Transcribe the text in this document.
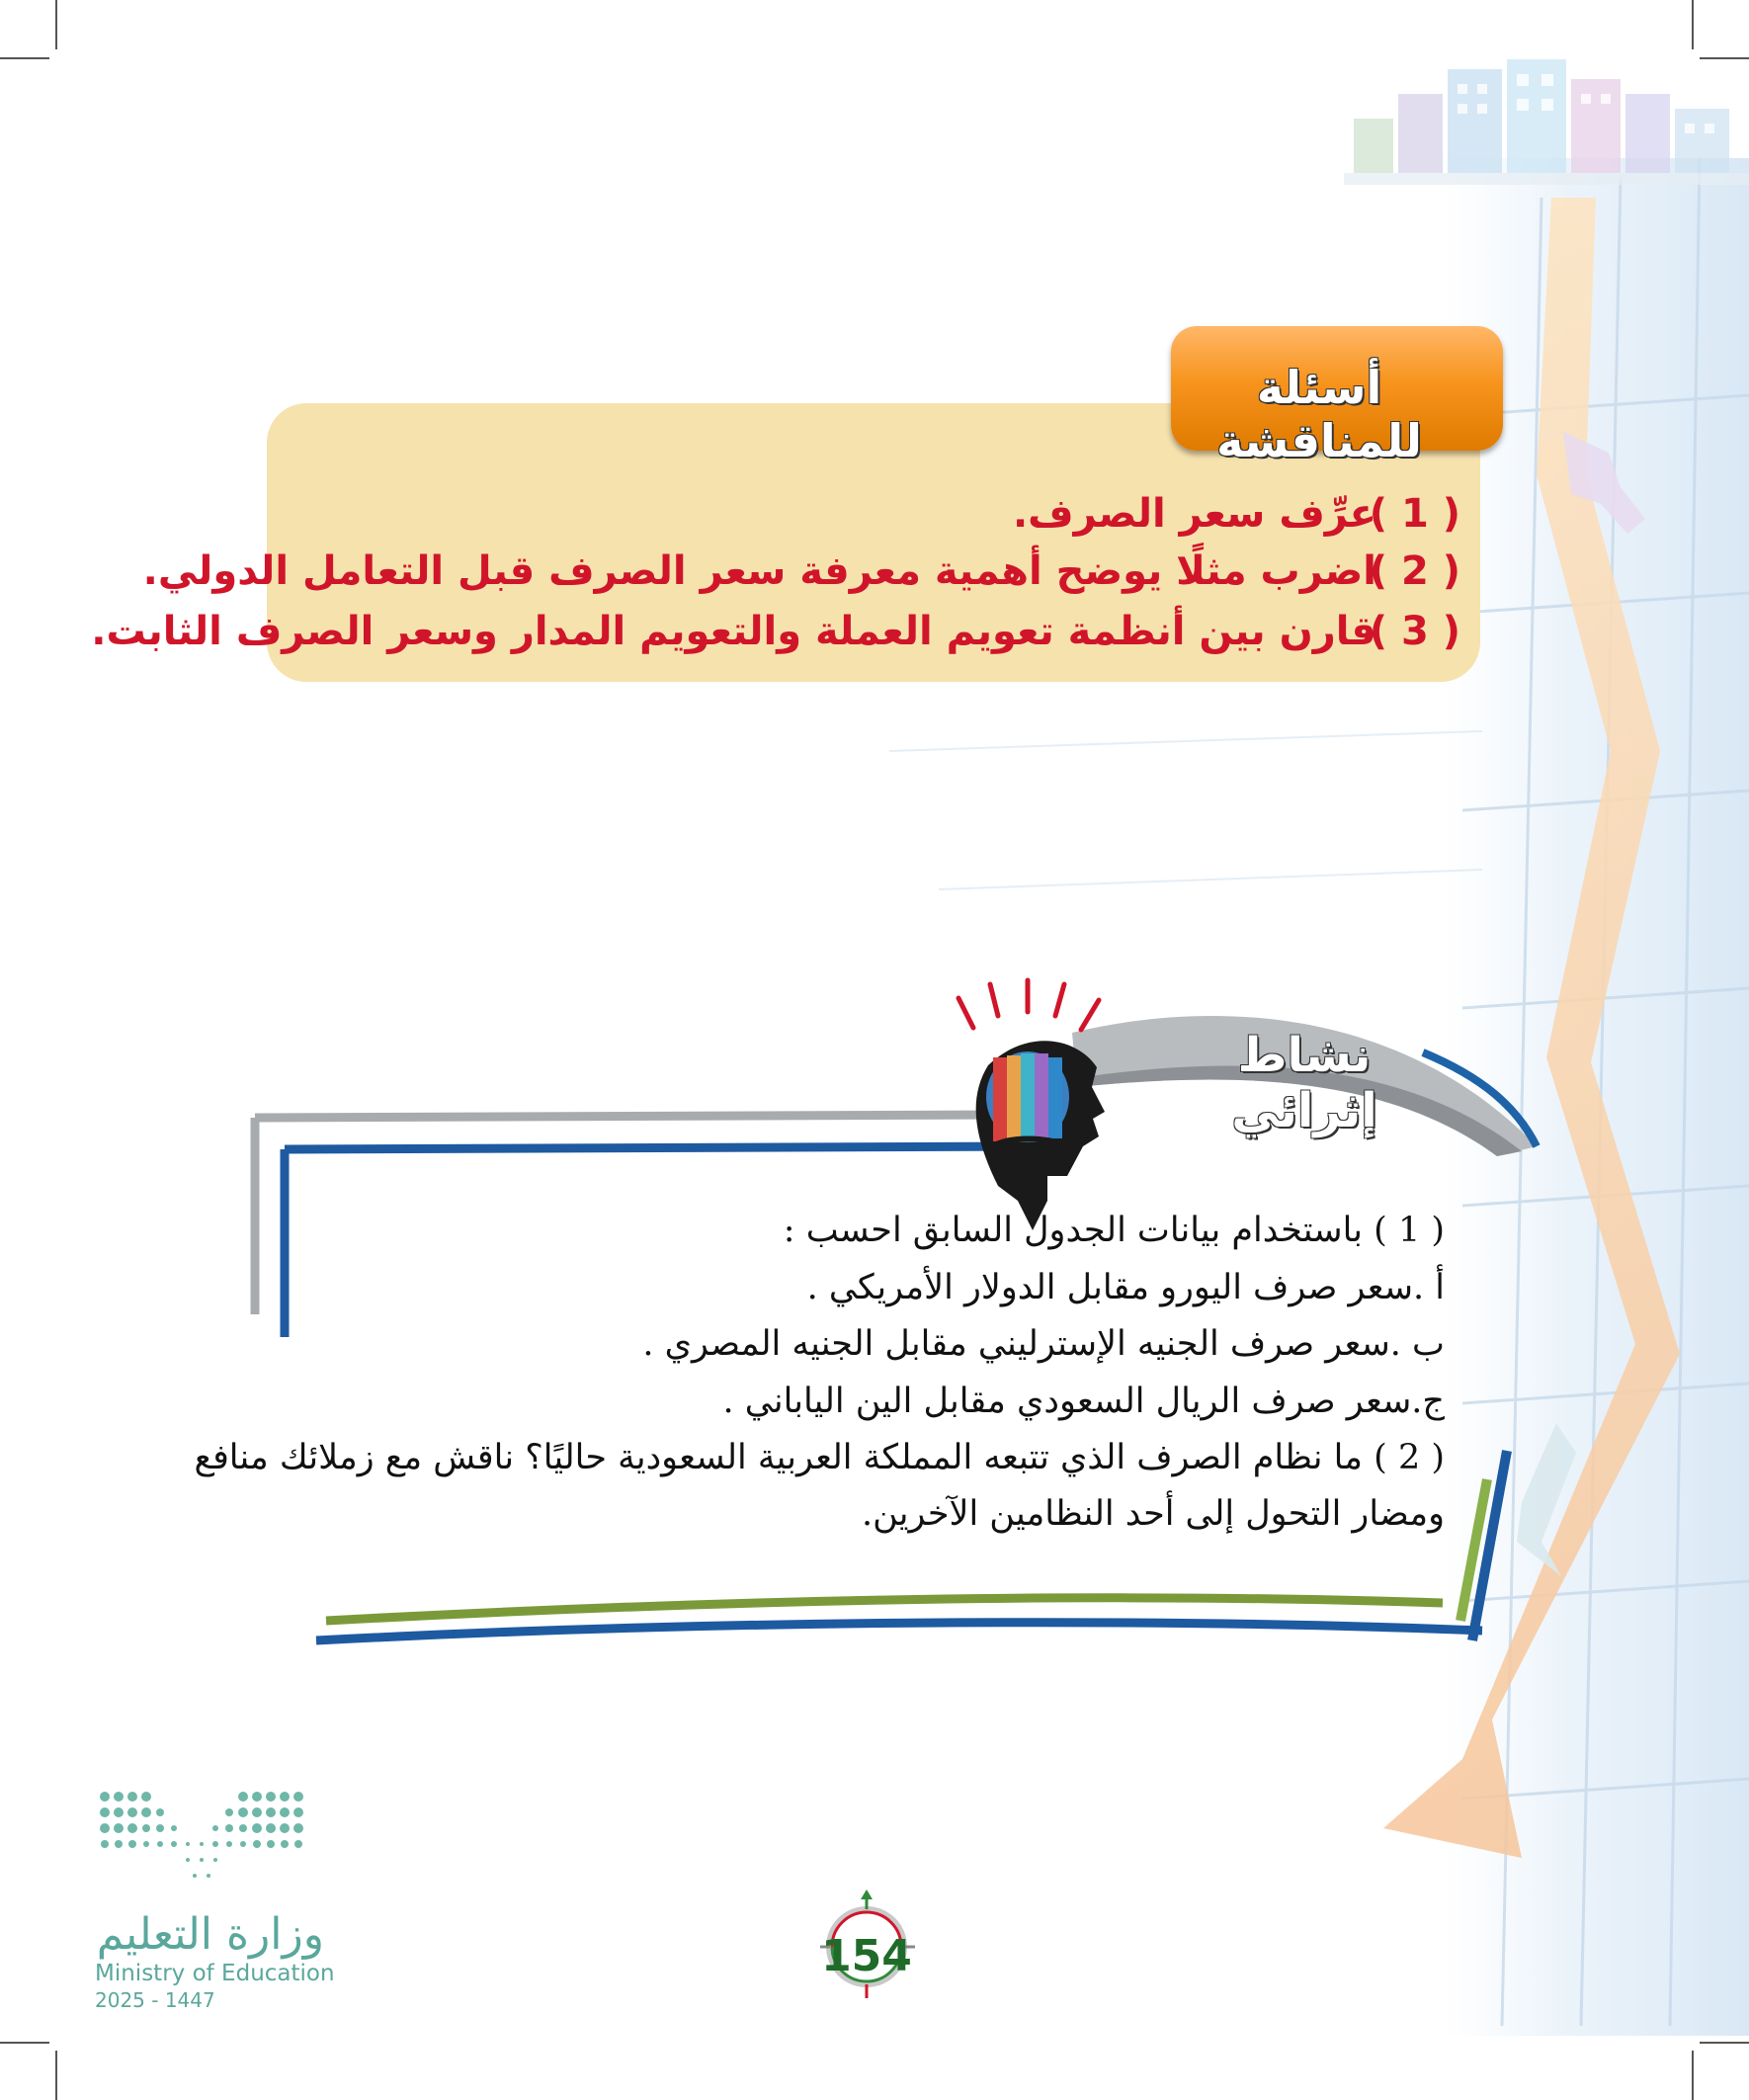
أسئلة للمناقشة
( 1 )عرِّف سعر الصرف.
( 2 )اضرب مثلًا يوضح أهمية معرفة سعر الصرف قبل التعامل الدولي.
( 3 )قارن بين أنظمة تعويم العملة والتعويم المدار وسعر الصرف الثابت.
نشاط إثرائي
( 1 ) باستخدام بيانات الجدول السابق احسب :
أ .سعر صرف اليورو مقابل الدولار الأمريكي .
ب .سعر صرف الجنيه الإسترليني مقابل الجنيه المصري .
ج.سعر صرف الريال السعودي مقابل الين الياباني .
( 2 ) ما نظام الصرف الذي تتبعه المملكة العربية السعودية حاليًا؟ ناقش مع زملائك منافع
ومضار التحول إلى أحد النظامين الآخرين.
وزارة التعليم
Ministry of Education
2025 - 1447
154
